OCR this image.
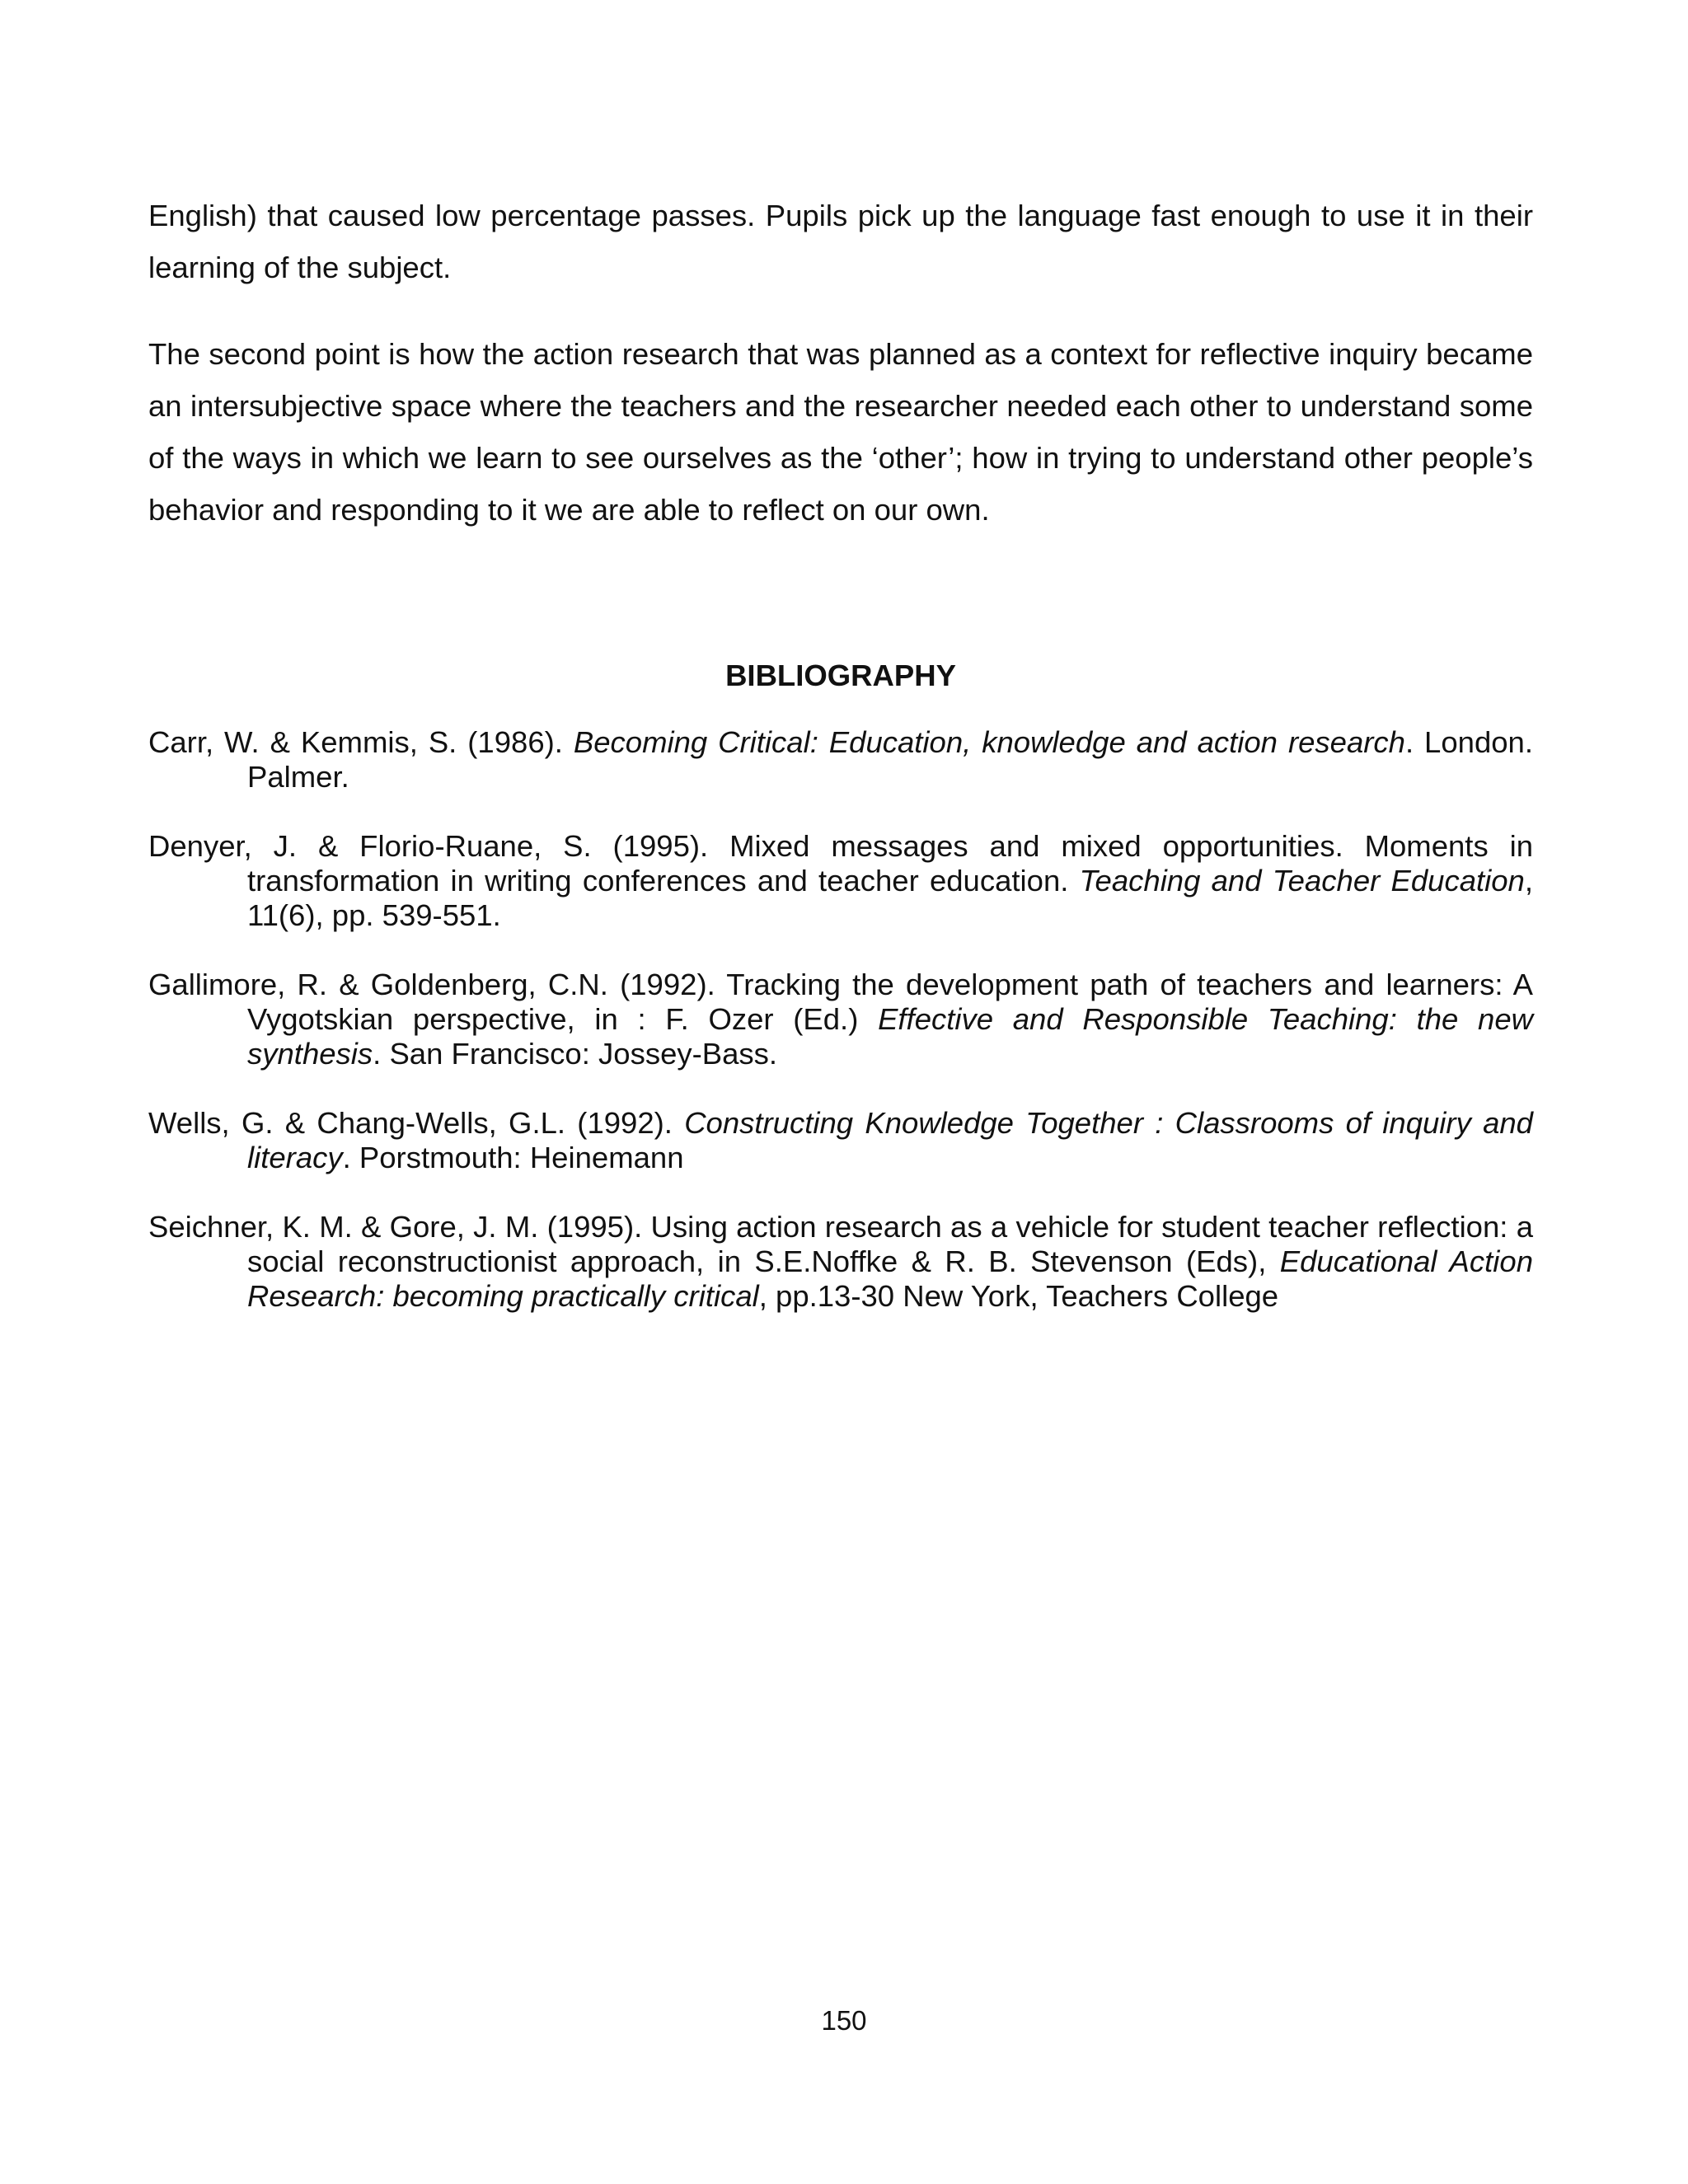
English) that caused low percentage passes. Pupils pick up the language fast enough to use it in their learning of the subject.

The second point is how the action research that was planned as a context for reflective inquiry became an intersubjective space where the teachers and the researcher needed each other to understand some of the ways in which we learn to see ourselves as the ‘other’; how in trying to understand other people’s behavior and responding to it we are able to reflect on our own.

BIBLIOGRAPHY
Carr, W. & Kemmis, S. (1986). Becoming Critical: Education, knowledge and action research. London. Palmer.
Denyer, J. & Florio-Ruane, S. (1995). Mixed messages and mixed opportunities. Moments in transformation in writing conferences and teacher education. Teaching and Teacher Education, 11(6), pp. 539-551.
Gallimore, R. & Goldenberg, C.N. (1992). Tracking the development path of teachers and learners: A Vygotskian perspective, in : F. Ozer (Ed.) Effective and Responsible Teaching: the new synthesis. San Francisco: Jossey-Bass.
Wells, G. & Chang-Wells, G.L. (1992). Constructing Knowledge Together : Classrooms of inquiry and literacy. Porstmouth: Heinemann
Seichner, K. M. & Gore, J. M. (1995). Using action research as a vehicle for student teacher reflection: a social reconstructionist approach, in S.E.Noffke & R. B. Stevenson (Eds), Educational Action Research: becoming practically critical, pp.13-30 New York, Teachers College
150
